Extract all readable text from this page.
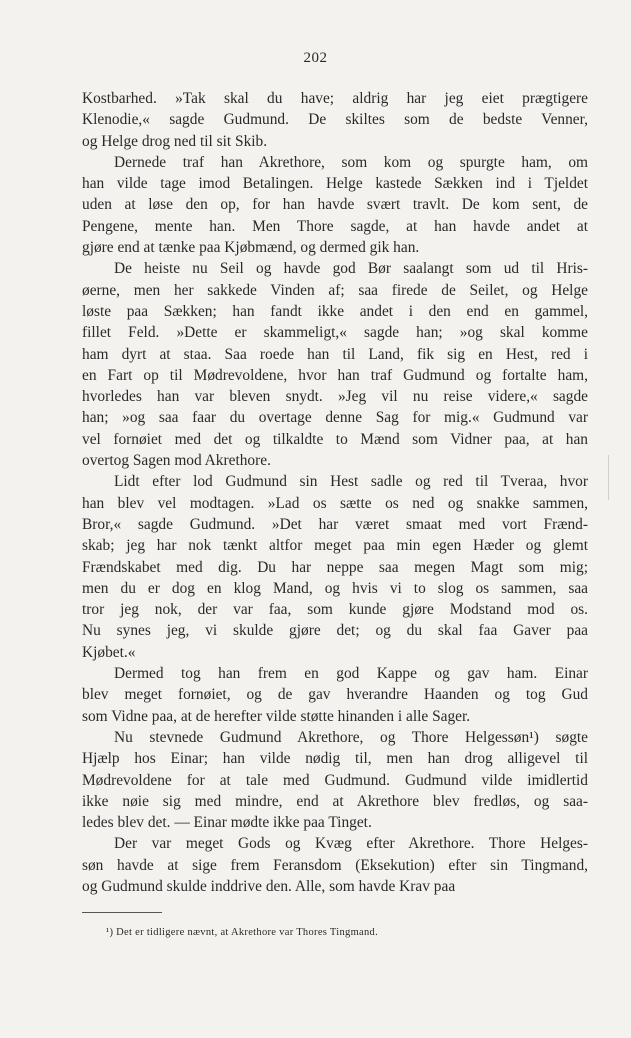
202
Kostbarhed. »Tak skal du have; aldrig har jeg eiet prægtigere
Klenodie,« sagde Gudmund. De skiltes som de bedste Venner,
og Helge drog ned til sit Skib.
Dernede traf han Akrethore, som kom og spurgte ham, om
han vilde tage imod Betalingen. Helge kastede Sækken ind i Tjeldet
uden at løse den op, for han havde svært travlt. De kom sent, de
Pengene, mente han. Men Thore sagde, at han havde andet at
gjøre end at tænke paa Kjøbmænd, og dermed gik han.
De heiste nu Seil og havde god Bør saalangt som ud til Hris-
øerne, men her sakkede Vinden af; saa firede de Seilet, og Helge
løste paa Sækken; han fandt ikke andet i den end en gammel,
fillet Feld. »Dette er skammeligt,« sagde han; »og skal komme
ham dyrt at staa. Saa roede han til Land, fik sig en Hest, red i
en Fart op til Mødrevoldene, hvor han traf Gudmund og fortalte ham,
hvorledes han var bleven snydt. »Jeg vil nu reise videre,« sagde
han; »og saa faar du overtage denne Sag for mig.« Gudmund var
vel fornøiet med det og tilkaldte to Mænd som Vidner paa, at han
overtog Sagen mod Akrethore.
Lidt efter lod Gudmund sin Hest sadle og red til Tveraa, hvor
han blev vel modtagen. »Lad os sætte os ned og snakke sammen,
Bror,« sagde Gudmund. »Det har været smaat med vort Frænd-
skab; jeg har nok tænkt altfor meget paa min egen Hæder og glemt
Frændskabet med dig. Du har neppe saa megen Magt som mig;
men du er dog en klog Mand, og hvis vi to slog os sammen, saa
tror jeg nok, der var faa, som kunde gjøre Modstand mod os.
Nu synes jeg, vi skulde gjøre det; og du skal faa Gaver paa
Kjøbet.«
Dermed tog han frem en god Kappe og gav ham. Einar
blev meget fornøiet, og de gav hverandre Haanden og tog Gud
som Vidne paa, at de herefter vilde støtte hinanden i alle Sager.
Nu stevnede Gudmund Akrethore, og Thore Helgessøn¹) søgte
Hjælp hos Einar; han vilde nødig til, men han drog alligevel til
Mødrevoldene for at tale med Gudmund. Gudmund vilde imidlertid
ikke nøie sig med mindre, end at Akrethore blev fredløs, og saa-
ledes blev det. — Einar mødte ikke paa Tinget.
Der var meget Gods og Kvæg efter Akrethore. Thore Helges-
søn havde at sige frem Feransdom (Eksekution) efter sin Tingmand,
og Gudmund skulde inddrive den. Alle, som havde Krav paa
¹) Det er tidligere nævnt, at Akrethore var Thores Tingmand.
